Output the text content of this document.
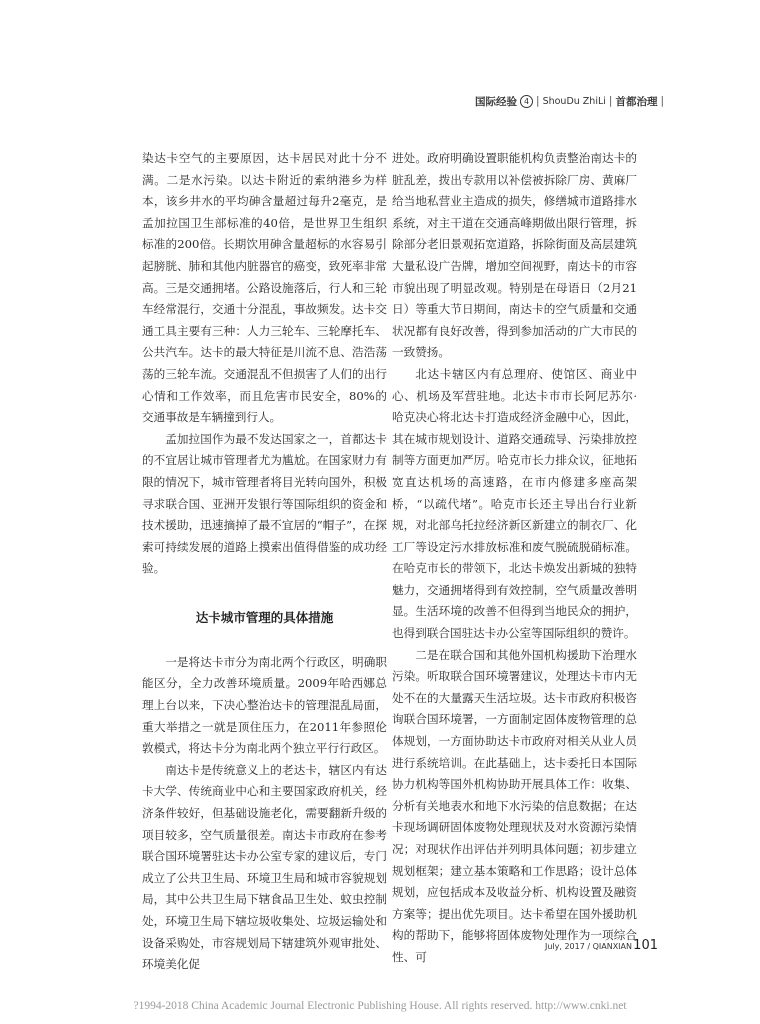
国际经验 4 | ShouDu ZhiLi | 首都治理 |

染达卡空气的主要原因，达卡居民对此十分不满。二是水污染。以达卡附近的索纳港乡为样本，该乡井水的平均砷含量超过每升2毫克，是孟加拉国卫生部标准的40倍，是世界卫生组织标准的200倍。长期饮用砷含量超标的水容易引起膀胱、肺和其他内脏器官的癌变，致死率非常高。三是交通拥堵。公路设施落后，行人和三轮车经常混行，交通十分混乱，事故频发。达卡交通工具主要有三种：人力三轮车、三轮摩托车、公共汽车。达卡的最大特征是川流不息、浩浩荡荡的三轮车流。交通混乱不但损害了人们的出行心情和工作效率，而且危害市民安全，80%的交通事故是车辆撞到行人。

孟加拉国作为最不发达国家之一，首都达卡的不宜居让城市管理者尤为尴尬。在国家财力有限的情况下，城市管理者将目光转向国外，积极寻求联合国、亚洲开发银行等国际组织的资金和技术援助，迅速摘掉了最不宜居的“帽子”，在探索可持续发展的道路上摸索出值得借鉴的成功经验。

达卡城市管理的具体措施

一是将达卡市分为南北两个行政区，明确职能区分，全力改善环境质量。2009年哈西娜总理上台以来，下决心整治达卡的管理混乱局面，重大举措之一就是顶住压力，在2011年参照伦敦模式，将达卡分为南北两个独立平行行政区。

南达卡是传统意义上的老达卡，辖区内有达卡大学、传统商业中心和主要国家政府机关，经济条件较好，但基础设施老化，需要翻新升级的项目较多，空气质量很差。南达卡市政府在参考联合国环境署驻达卡办公室专家的建议后，专门成立了公共卫生局、环境卫生局和城市容貌规划局，其中公共卫生局下辖食品卫生处、蚊虫控制处，环境卫生局下辖垃圾收集处、垃圾运输处和设备采购处，市容规划局下辖建筑外观审批处、环境美化促

进处。政府明确设置职能机构负责整治南达卡的脏乱差，拨出专款用以补偿被拆除厂房、黄麻厂给当地私营业主造成的损失，修缮城市道路排水系统，对主干道在交通高峰期做出限行管理，拆除部分老旧景观拓宽道路，拆除街面及高层建筑大量私设广告牌，增加空间视野，南达卡的市容市貌出现了明显改观。特别是在母语日（2月21日）等重大节日期间，南达卡的空气质量和交通状况都有良好改善，得到参加活动的广大市民的一致赞扬。

北达卡辖区内有总理府、使馆区、商业中心、机场及军营驻地。北达卡市市长阿尼苏尔·哈克决心将北达卡打造成经济金融中心，因此，其在城市规划设计、道路交通疏导、污染排放控制等方面更加严厉。哈克市长力排众议，征地拓宽直达机场的高速路，在市内修建多座高架桥，“以疏代堵”。哈克市长还主导出台行业新规，对北部乌托拉经济新区新建立的制衣厂、化工厂等设定污水排放标准和废气脱硫脱硝标准。在哈克市长的带领下，北达卡焕发出新城的独特魅力，交通拥堵得到有效控制，空气质量改善明显。生活环境的改善不但得到当地民众的拥护，也得到联合国驻达卡办公室等国际组织的赞许。

二是在联合国和其他外国机构援助下治理水污染。听取联合国环境署建议，处理达卡市内无处不在的大量露天生活垃圾。达卡市政府积极咨询联合国环境署，一方面制定固体废物管理的总体规划，一方面协助达卡市政府对相关从业人员进行系统培训。在此基础上，达卡委托日本国际协力机构等国外机构协助开展具体工作：收集、分析有关地表水和地下水污染的信息数据；在达卡现场调研固体废物处理现状及对水资源污染情况；对现状作出评估并列明具体问题；初步建立规划框架；建立基本策略和工作思路；设计总体规划，应包括成本及收益分析、机构设置及融资方案等；提出优先项目。达卡希望在国外援助机构的帮助下，能够将固体废物处理作为一项综合性、可

July, 2017 / QIANXIAN 101
?1994-2018 China Academic Journal Electronic Publishing House. All rights reserved. http://www.cnki.net
